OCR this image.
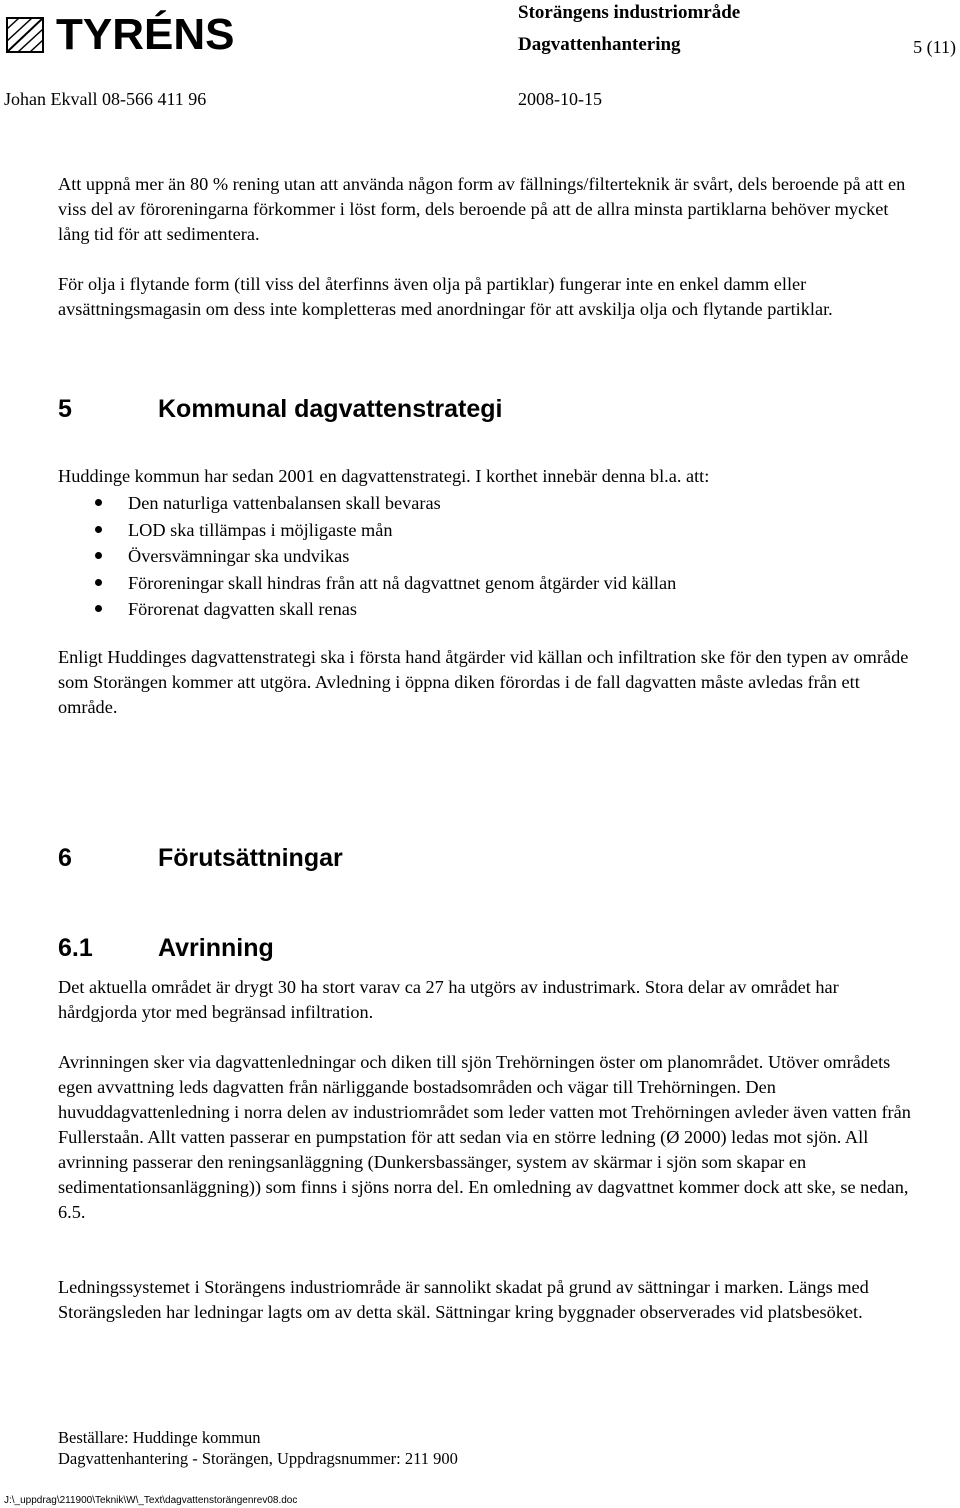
TYRÉNS	Storängens industriområde
Dagvattenhantering	5 (11)
Johan Ekvall 08-566 411 96	2008-10-15

Att uppnå mer än 80 % rening utan att använda någon form av fällnings/filterteknik är svårt, dels beroende på att en viss del av föroreningarna förkommer i löst form, dels beroende på att de allra minsta partiklarna behöver mycket lång tid för att sedimentera.

För olja i flytande form (till viss del återfinns även olja på partiklar) fungerar inte en enkel damm eller avsättningsmagasin om dess inte kompletteras med anordningar för att avskilja olja och flytande partiklar.

5	Kommunal dagvattenstrategi

Huddinge kommun har sedan 2001 en dagvattenstrategi. I korthet innebär denna bl.a. att:

Den naturliga vattenbalansen skall bevaras
LOD ska tillämpas i möjligaste mån
Översvämningar ska undvikas
Föroreningar skall hindras från att nå dagvattnet genom åtgärder vid källan
Förorenat dagvatten skall renas

Enligt Huddinges dagvattenstrategi ska i första hand åtgärder vid källan och infiltration ske för den typen av område som Storängen kommer att utgöra. Avledning i öppna diken förordas i de fall dagvatten måste avledas från ett område.

6	Förutsättningar
6.1	Avrinning

Det aktuella området är drygt 30 ha stort varav ca 27 ha utgörs av industrimark. Stora delar av området har hårdgjorda ytor med begränsad infiltration.

Avrinningen sker via dagvattenledningar och diken till sjön Trehörningen öster om planområdet. Utöver områdets egen avvattning leds dagvatten från närliggande bostadsområden och vägar till Trehörningen. Den huvuddagvattenledning i norra delen av industriområdet som leder vatten mot Trehörningen avleder även vatten från Fullerstaån. Allt vatten passerar en pumpstation för att sedan via en större ledning (Ø 2000) ledas mot sjön. All avrinning passerar den reningsanläggning (Dunkersbassänger, system av skärmar i sjön som skapar en sedimentationsanläggning)) som finns i sjöns norra del. En omledning av dagvattnet kommer dock att ske, se nedan, 6.5.

Ledningssystemet i Storängens industriområde är sannolikt skadat på grund av sättningar i marken. Längs med Storängsleden har ledningar lagts om av detta skäl. Sättningar kring byggnader observerades vid platsbesöket.

Beställare: Huddinge kommun
Dagvattenhantering - Storängen, Uppdragsnummer: 211 900
J:\_uppdrag\211900\Teknik\W\_Text\dagvattenstorängenrev08.doc
